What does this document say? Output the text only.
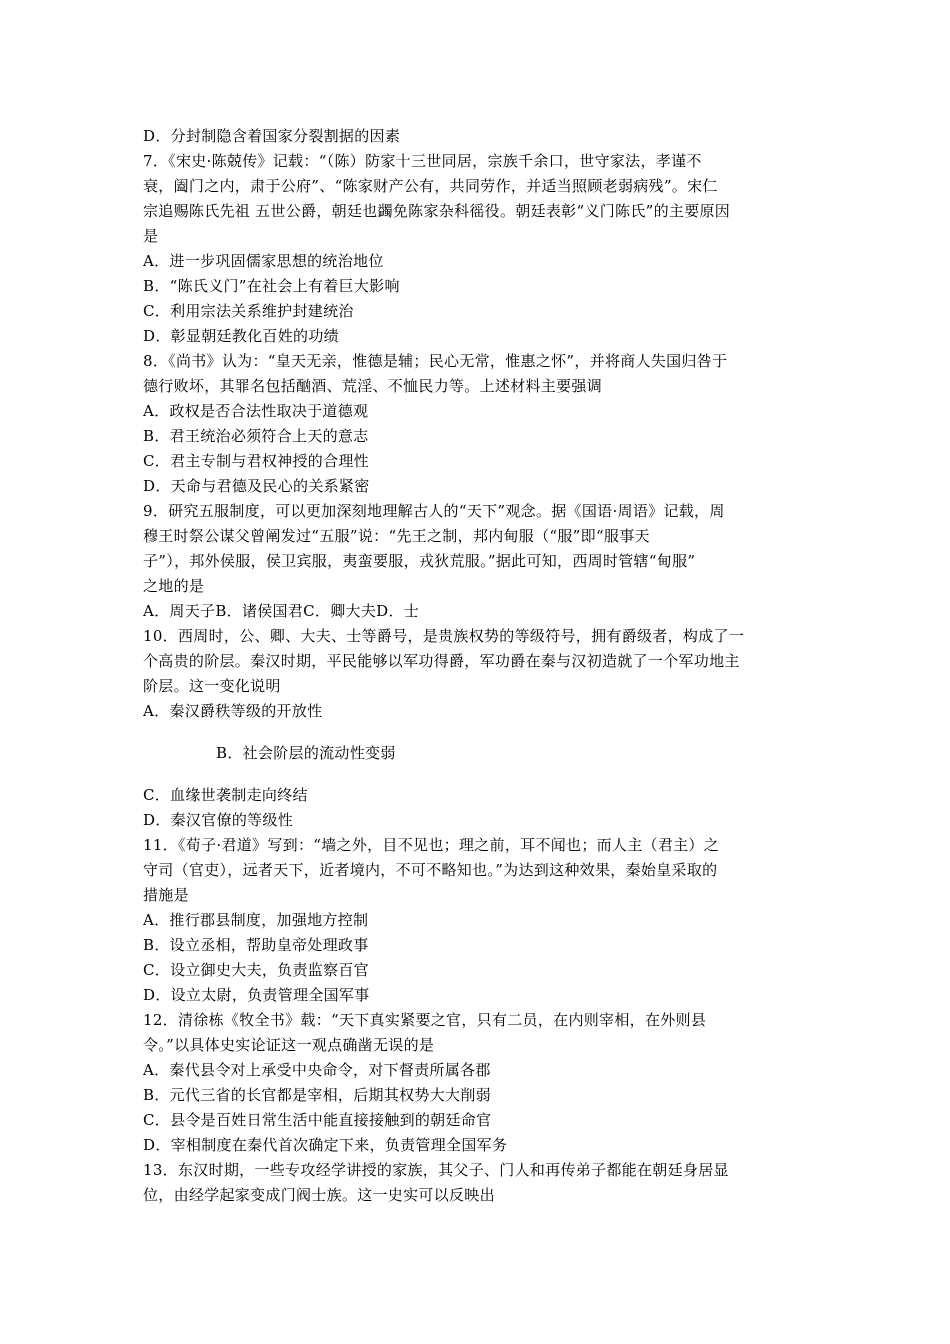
D．分封制隐含着国家分裂割据的因素
7．《宋史·陈兢传》记载：“（陈）防家十三世同居，宗族千余口，世守家法，孝谨不
衰，阖门之内，肃于公府”、“陈家财产公有，共同劳作，并适当照顾老弱病残”。宋仁
宗追赐陈氏先祖 五世公爵，朝廷也蠲免陈家杂科徭役。朝廷表彰“义门陈氏”的主要原因
是
A．进一步巩固儒家思想的统治地位
B．“陈氏义门”在社会上有着巨大影响
C．利用宗法关系维护封建统治
D．彰显朝廷教化百姓的功绩
8．《尚书》认为：“皇天无亲，惟德是辅；民心无常，惟惠之怀”，并将商人失国归咎于
德行败坏，其罪名包括酗酒、荒淫、不恤民力等。上述材料主要强调
A．政权是否合法性取决于道德观
B．君王统治必须符合上天的意志
C．君主专制与君权神授的合理性
D．天命与君德及民心的关系紧密
9．研究五服制度，可以更加深刻地理解古人的“天下”观念。据《国语·周语》记载，周
穆王时祭公谋父曾阐发过“五服”说：“先王之制，邦内甸服（“服”即“服事天
子”），邦外侯服，侯卫宾服，夷蛮要服，戎狄荒服。”据此可知，西周时管辖“甸服”
之地的是
A．周天子B．诸侯国君C．卿大夫D．士
10．西周时，公、卿、大夫、士等爵号，是贵族权势的等级符号，拥有爵级者，构成了一
个高贵的阶层。秦汉时期，平民能够以军功得爵，军功爵在秦与汉初造就了一个军功地主
阶层。这一变化说明
A．秦汉爵秩等级的开放性
B．社会阶层的流动性变弱
C．血缘世袭制走向终结
D．秦汉官僚的等级性
11．《荀子·君道》写到：“墙之外，目不见也；理之前，耳不闻也；而人主（君主）之
守司（官吏），远者天下，近者境内，不可不略知也。”为达到这种效果，秦始皇采取的
措施是
A．推行郡县制度，加强地方控制
B．设立丞相，帮助皇帝处理政事
C．设立御史大夫，负责监察百官
D．设立太尉，负责管理全国军事
12．清徐栋《牧全书》载：“天下真实紧要之官，只有二员，在内则宰相，在外则县
令。”以具体史实论证这一观点确凿无误的是
A．秦代县令对上承受中央命令，对下督责所属各郡
B．元代三省的长官都是宰相，后期其权势大大削弱
C．县令是百姓日常生活中能直接接触到的朝廷命官
D．宰相制度在秦代首次确定下来，负责管理全国军务
13．东汉时期，一些专攻经学讲授的家族，其父子、门人和再传弟子都能在朝廷身居显
位，由经学起家变成门阀士族。这一史实可以反映出
